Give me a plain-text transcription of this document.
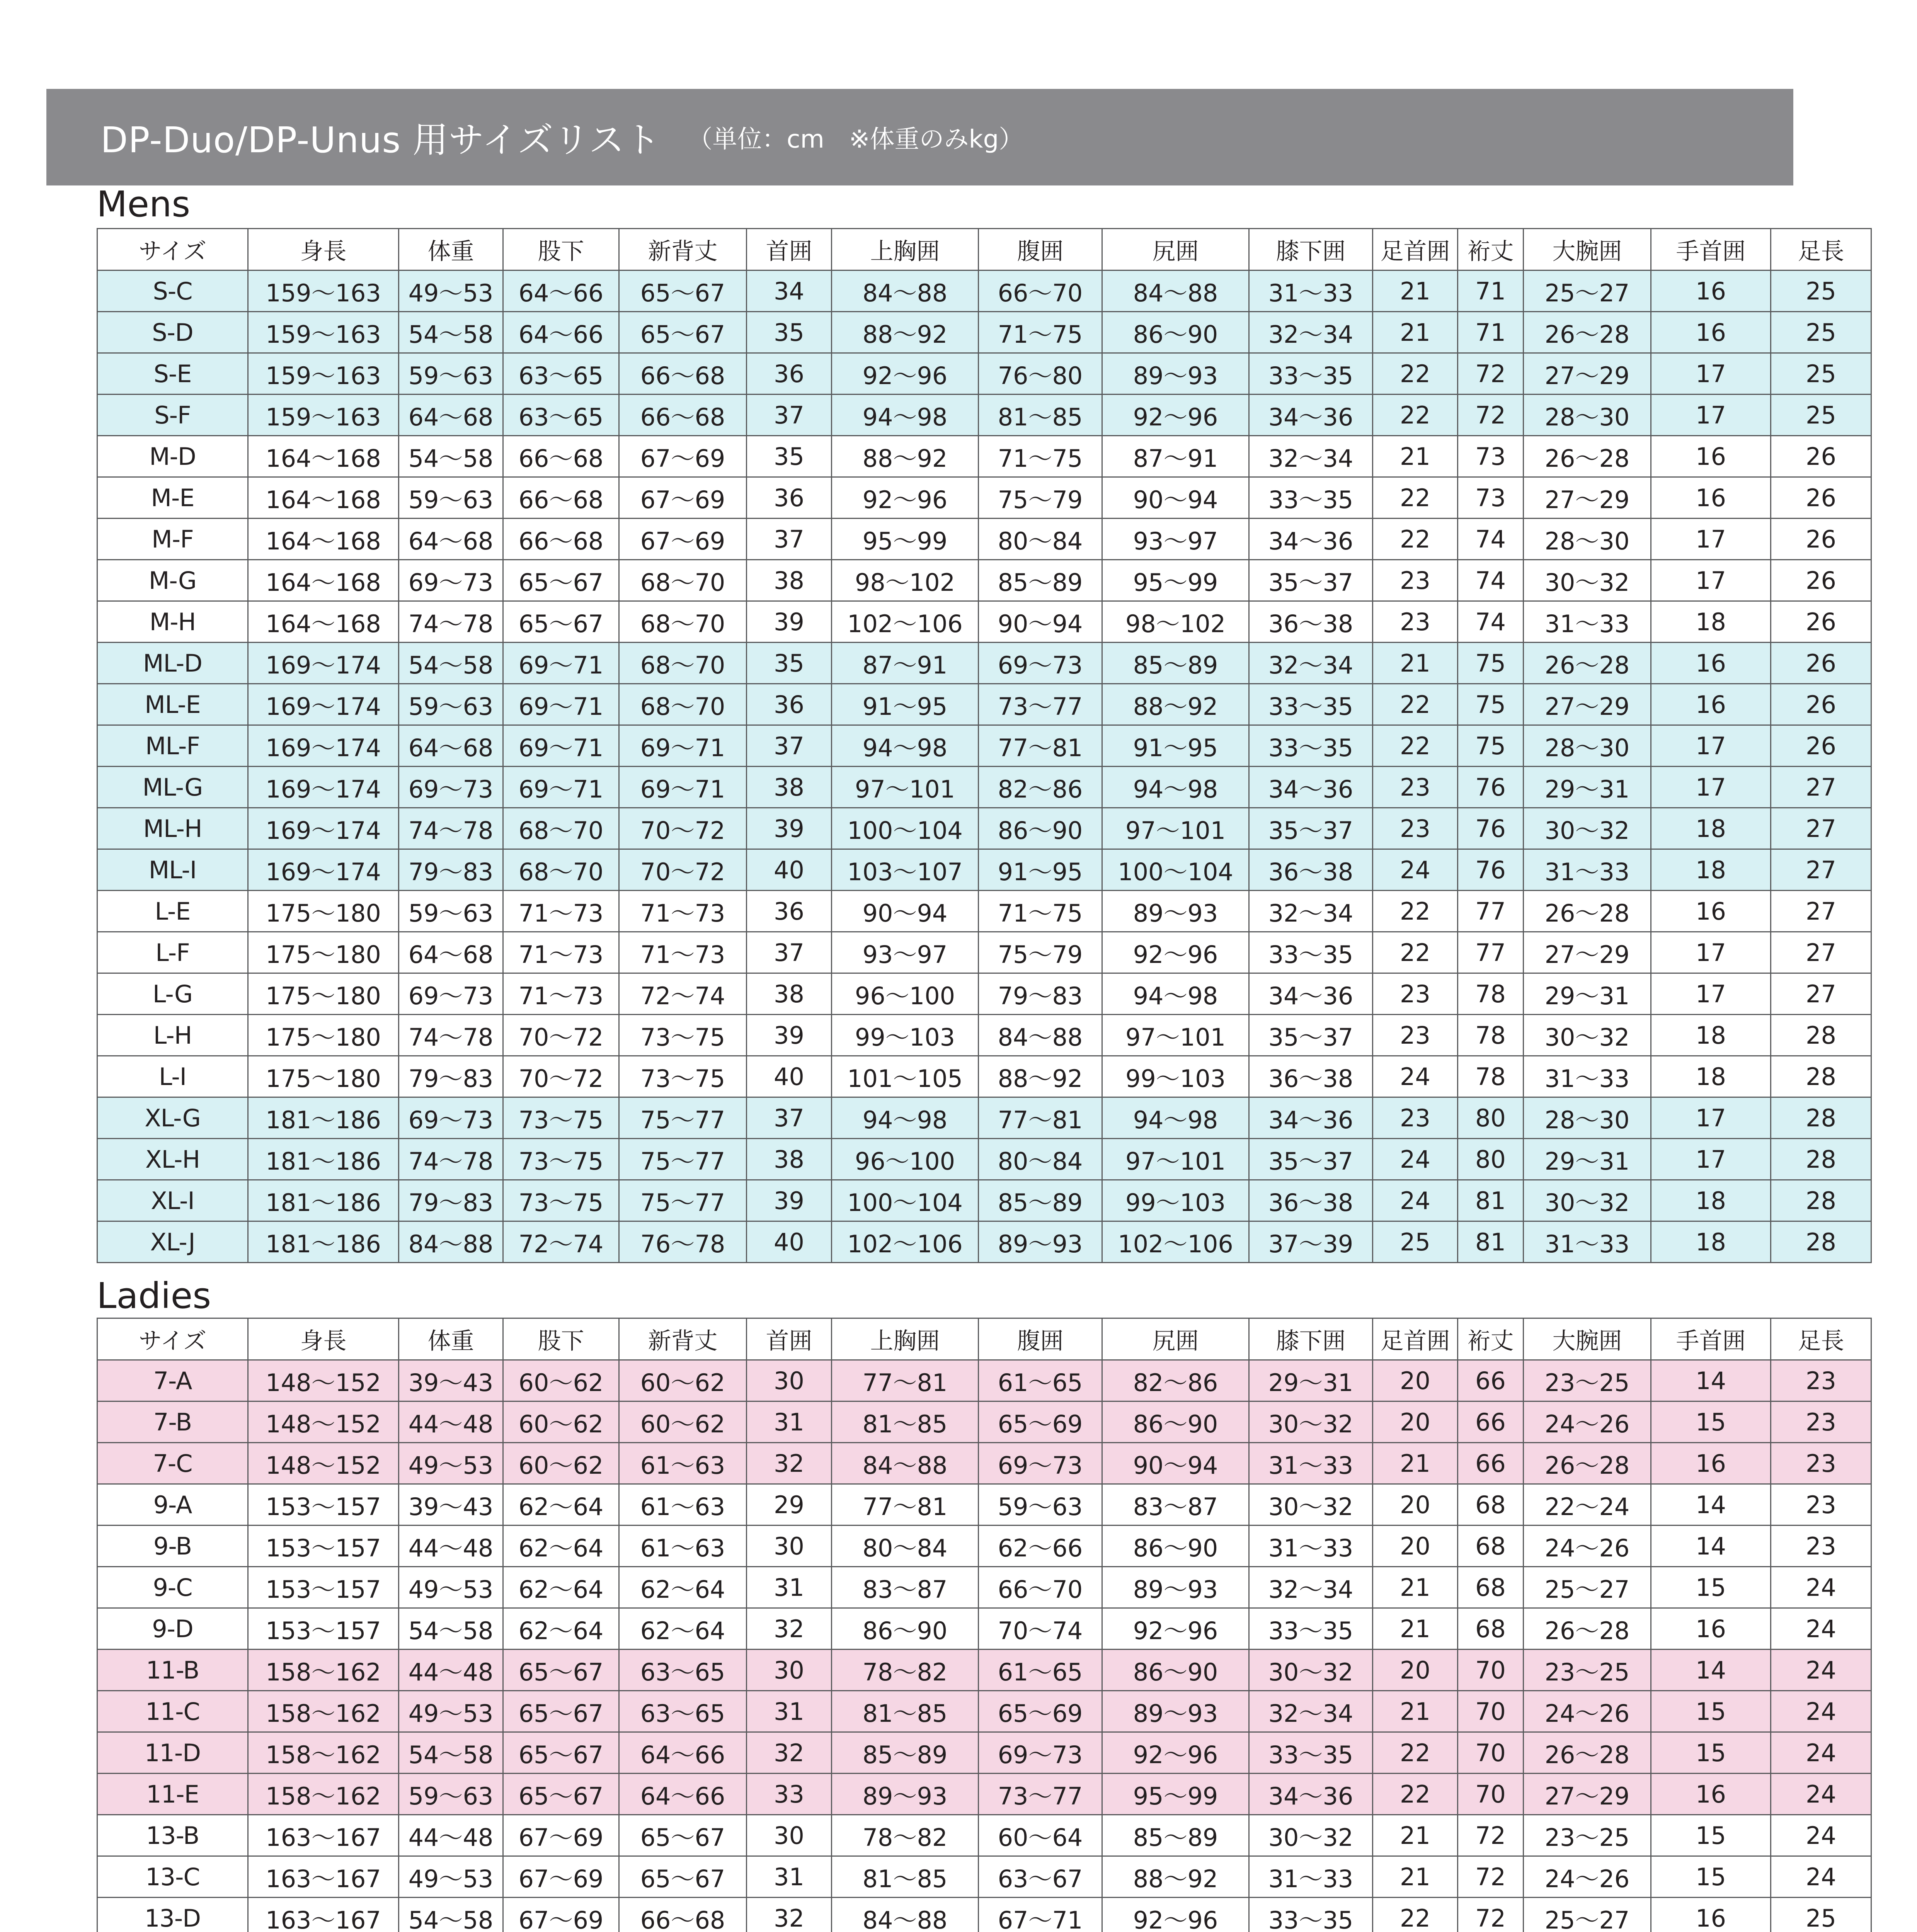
DP-Duo/DP-Unus 用サイズリスト （単位：cm　※体重のみkg）
Mens
サイズ	身長	体重	股下	新背丈	首囲	上胸囲	腹囲	尻囲	膝下囲	足首囲	裄丈	大腕囲	手首囲	足長
S-C	159～163	49～53	64～66	65～67	34	84～88	66～70	84～88	31～33	21	71	25～27	16	25
S-D	159～163	54～58	64～66	65～67	35	88～92	71～75	86～90	32～34	21	71	26～28	16	25
S-E	159～163	59～63	63～65	66～68	36	92～96	76～80	89～93	33～35	22	72	27～29	17	25
S-F	159～163	64～68	63～65	66～68	37	94～98	81～85	92～96	34～36	22	72	28～30	17	25
M-D	164～168	54～58	66～68	67～69	35	88～92	71～75	87～91	32～34	21	73	26～28	16	26
M-E	164～168	59～63	66～68	67～69	36	92～96	75～79	90～94	33～35	22	73	27～29	16	26
M-F	164～168	64～68	66～68	67～69	37	95～99	80～84	93～97	34～36	22	74	28～30	17	26
M-G	164～168	69～73	65～67	68～70	38	98～102	85～89	95～99	35～37	23	74	30～32	17	26
M-H	164～168	74～78	65～67	68～70	39	102～106	90～94	98～102	36～38	23	74	31～33	18	26
ML-D	169～174	54～58	69～71	68～70	35	87～91	69～73	85～89	32～34	21	75	26～28	16	26
ML-E	169～174	59～63	69～71	68～70	36	91～95	73～77	88～92	33～35	22	75	27～29	16	26
ML-F	169～174	64～68	69～71	69～71	37	94～98	77～81	91～95	33～35	22	75	28～30	17	26
ML-G	169～174	69～73	69～71	69～71	38	97～101	82～86	94～98	34～36	23	76	29～31	17	27
ML-H	169～174	74～78	68～70	70～72	39	100～104	86～90	97～101	35～37	23	76	30～32	18	27
ML-I	169～174	79～83	68～70	70～72	40	103～107	91～95	100～104	36～38	24	76	31～33	18	27
L-E	175～180	59～63	71～73	71～73	36	90～94	71～75	89～93	32～34	22	77	26～28	16	27
L-F	175～180	64～68	71～73	71～73	37	93～97	75～79	92～96	33～35	22	77	27～29	17	27
L-G	175～180	69～73	71～73	72～74	38	96～100	79～83	94～98	34～36	23	78	29～31	17	27
L-H	175～180	74～78	70～72	73～75	39	99～103	84～88	97～101	35～37	23	78	30～32	18	28
L-I	175～180	79～83	70～72	73～75	40	101～105	88～92	99～103	36～38	24	78	31～33	18	28
XL-G	181～186	69～73	73～75	75～77	37	94～98	77～81	94～98	34～36	23	80	28～30	17	28
XL-H	181～186	74～78	73～75	75～77	38	96～100	80～84	97～101	35～37	24	80	29～31	17	28
XL-I	181～186	79～83	73～75	75～77	39	100～104	85～89	99～103	36～38	24	81	30～32	18	28
XL-J	181～186	84～88	72～74	76～78	40	102～106	89～93	102～106	37～39	25	81	31～33	18	28
Ladies
サイズ	身長	体重	股下	新背丈	首囲	上胸囲	腹囲	尻囲	膝下囲	足首囲	裄丈	大腕囲	手首囲	足長
7-A	148～152	39～43	60～62	60～62	30	77～81	61～65	82～86	29～31	20	66	23～25	14	23
7-B	148～152	44～48	60～62	60～62	31	81～85	65～69	86～90	30～32	20	66	24～26	15	23
7-C	148～152	49～53	60～62	61～63	32	84～88	69～73	90～94	31～33	21	66	26～28	16	23
9-A	153～157	39～43	62～64	61～63	29	77～81	59～63	83～87	30～32	20	68	22～24	14	23
9-B	153～157	44～48	62～64	61～63	30	80～84	62～66	86～90	31～33	20	68	24～26	14	23
9-C	153～157	49～53	62～64	62～64	31	83～87	66～70	89～93	32～34	21	68	25～27	15	24
9-D	153～157	54～58	62～64	62～64	32	86～90	70～74	92～96	33～35	21	68	26～28	16	24
11-B	158～162	44～48	65～67	63～65	30	78～82	61～65	86～90	30～32	20	70	23～25	14	24
11-C	158～162	49～53	65～67	63～65	31	81～85	65～69	89～93	32～34	21	70	24～26	15	24
11-D	158～162	54～58	65～67	64～66	32	85～89	69～73	92～96	33～35	22	70	26～28	15	24
11-E	158～162	59～63	65～67	64～66	33	89～93	73～77	95～99	34～36	22	70	27～29	16	24
13-B	163～167	44～48	67～69	65～67	30	78～82	60～64	85～89	30～32	21	72	23～25	15	24
13-C	163～167	49～53	67～69	65～67	31	81～85	63～67	88～92	31～33	21	72	24～26	15	24
13-D	163～167	54～58	67～69	66～68	32	84～88	67～71	92～96	33～35	22	72	25～27	16	25
